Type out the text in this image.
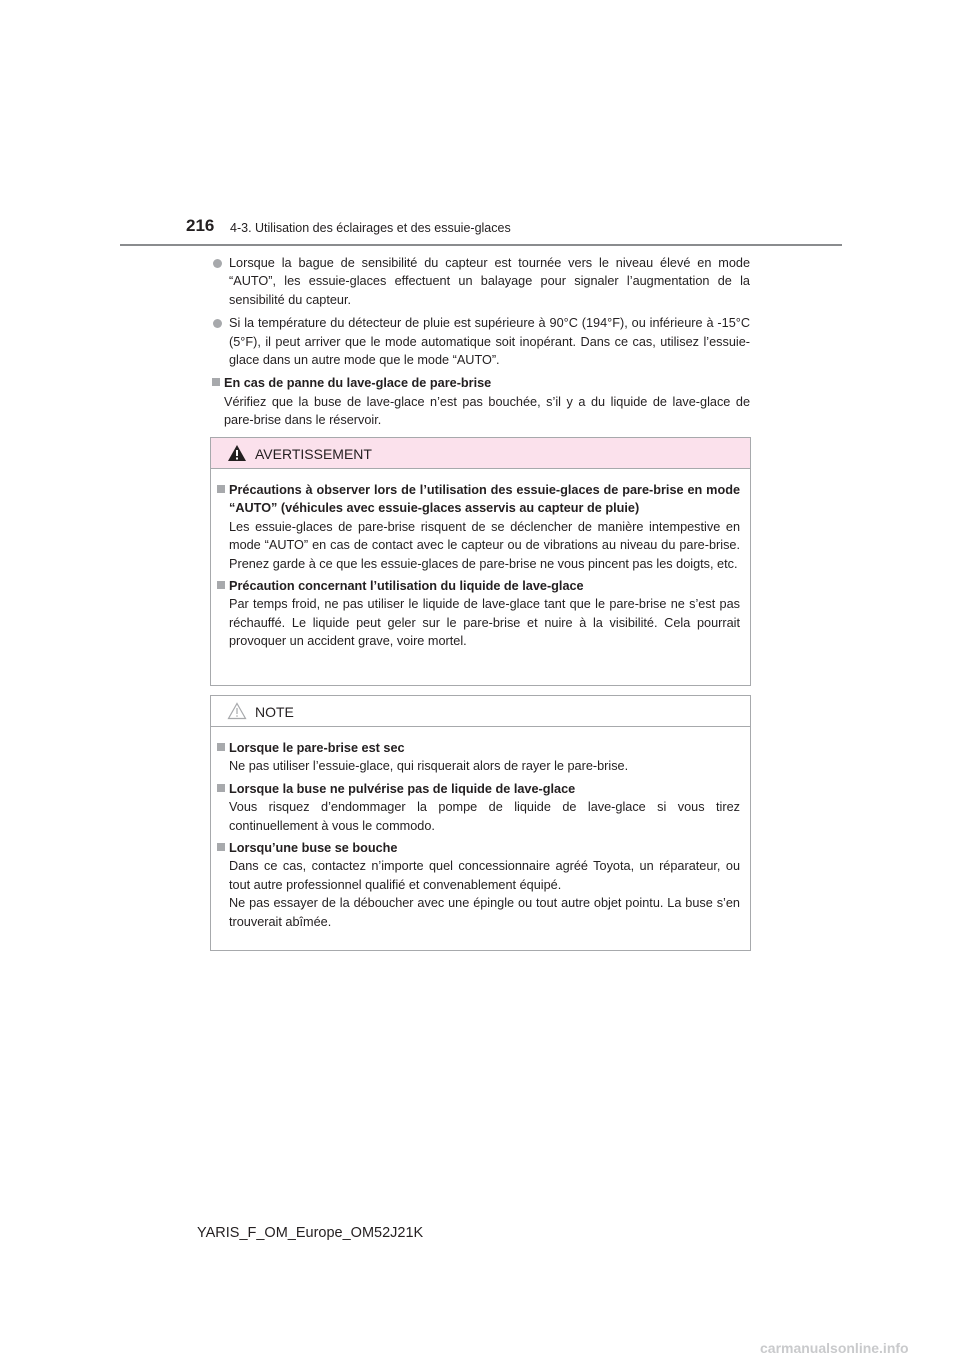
216 4-3. Utilisation des éclairages et des essuie-glaces
Lorsque la bague de sensibilité du capteur est tournée vers le niveau élevé en mode “AUTO”, les essuie-glaces effectuent un balayage pour signaler l’augmentation de la sensibilité du capteur.
Si la température du détecteur de pluie est supérieure à 90°C (194°F), ou inférieure à -15°C (5°F), il peut arriver que le mode automatique soit inopérant. Dans ce cas, utilisez l’essuie-glace dans un autre mode que le mode “AUTO”.
En cas de panne du lave-glace de pare-brise
Vérifiez que la buse de lave-glace n’est pas bouchée, s’il y a du liquide de lave-glace de pare-brise dans le réservoir.
AVERTISSEMENT
Précautions à observer lors de l’utilisation des essuie-glaces de pare-brise en mode “AUTO” (véhicules avec essuie-glaces asservis au capteur de pluie)
Les essuie-glaces de pare-brise risquent de se déclencher de manière intempestive en mode “AUTO” en cas de contact avec le capteur ou de vibrations au niveau du pare-brise. Prenez garde à ce que les essuie-glaces de pare-brise ne vous pincent pas les doigts, etc.
Précaution concernant l’utilisation du liquide de lave-glace
Par temps froid, ne pas utiliser le liquide de lave-glace tant que le pare-brise ne s’est pas réchauffé. Le liquide peut geler sur le pare-brise et nuire à la visibilité. Cela pourrait provoquer un accident grave, voire mortel.
NOTE
Lorsque le pare-brise est sec
Ne pas utiliser l’essuie-glace, qui risquerait alors de rayer le pare-brise.
Lorsque la buse ne pulvérise pas de liquide de lave-glace
Vous risquez d’endommager la pompe de liquide de lave-glace si vous tirez continuellement à vous le commodo.
Lorsqu’une buse se bouche
Dans ce cas, contactez n’importe quel concessionnaire agréé Toyota, un réparateur, ou tout autre professionnel qualifié et convenablement équipé.
Ne pas essayer de la déboucher avec une épingle ou tout autre objet pointu. La buse s’en trouverait abîmée.
YARIS_F_OM_Europe_OM52J21K
carmanualsonline.info
